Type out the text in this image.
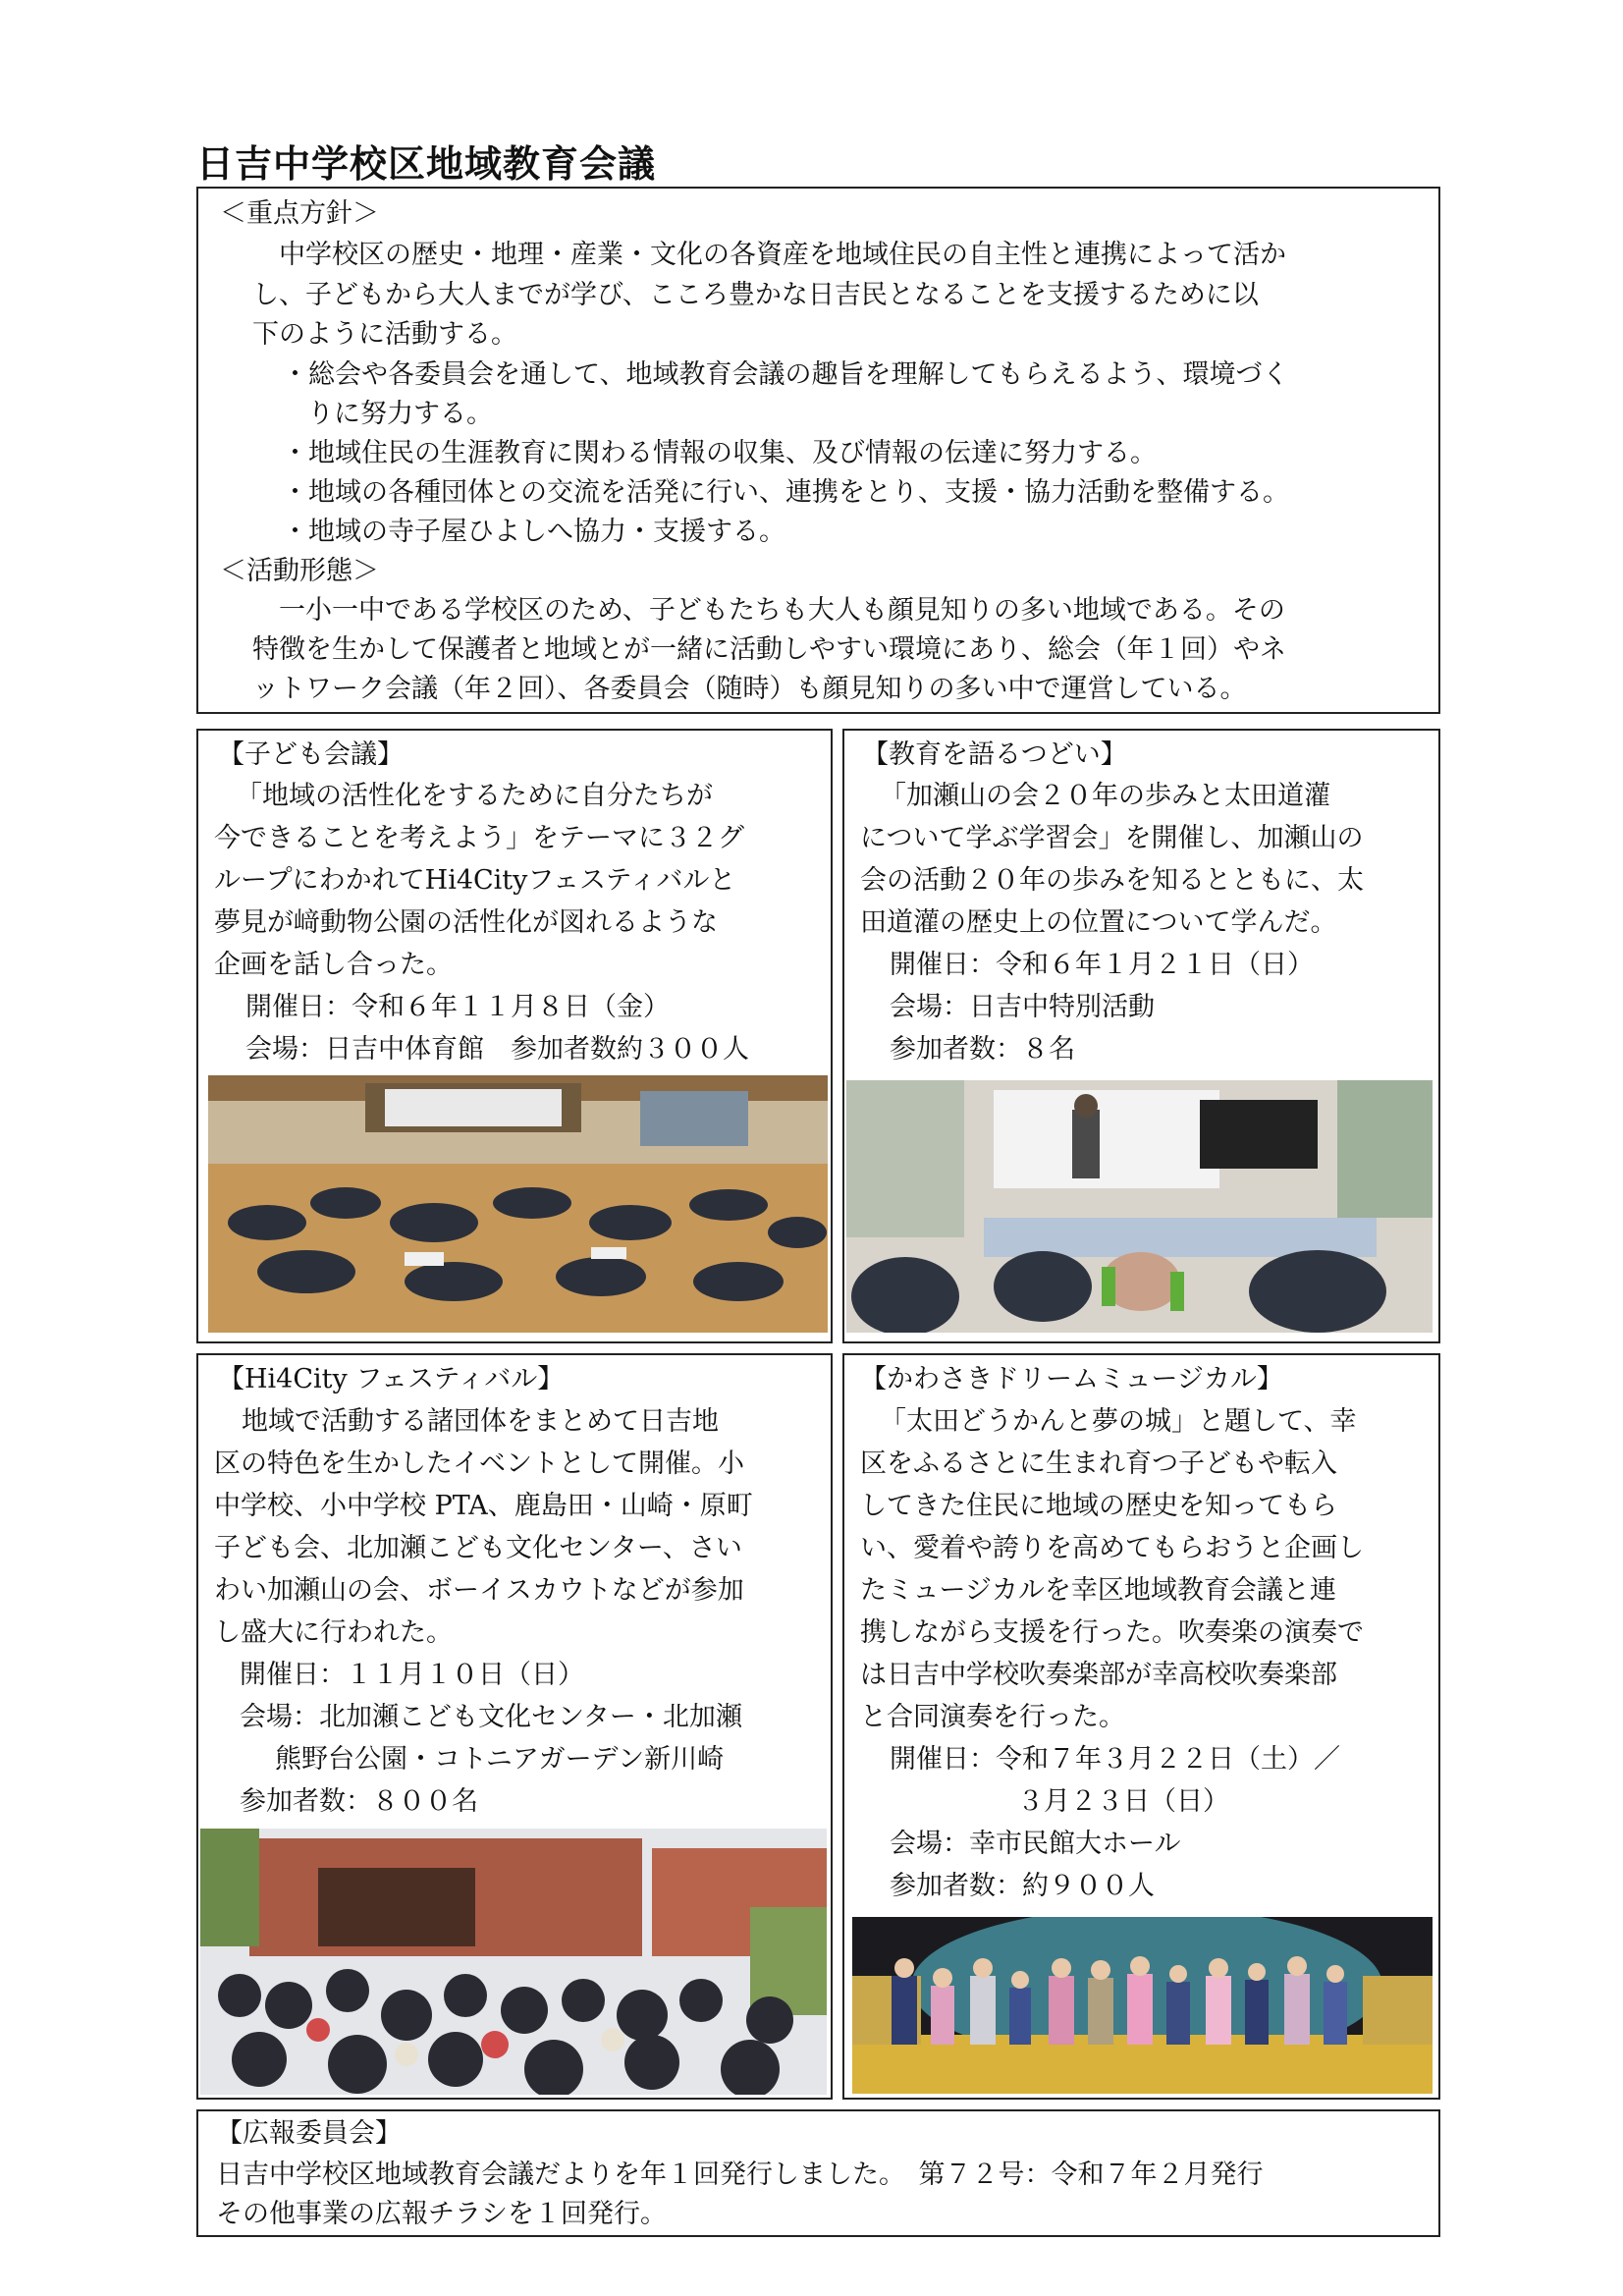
日吉中学校区地域教育会議
＜重点方針＞
中学校区の歴史・地理・産業・文化の各資産を地域住民の自主性と連携によって活か
し、子どもから大人までが学び、こころ豊かな日吉民となることを支援するために以
下のように活動する。
・総会や各委員会を通して、地域教育会議の趣旨を理解してもらえるよう、環境づく
りに努力する。
・地域住民の生涯教育に関わる情報の収集、及び情報の伝達に努力する。
・地域の各種団体との交流を活発に行い、連携をとり、支援・協力活動を整備する。
・地域の寺子屋ひよしへ協力・支援する。
＜活動形態＞
一小一中である学校区のため、子どもたちも大人も顔見知りの多い地域である。その
特徴を生かして保護者と地域とが一緒に活動しやすい環境にあり、総会（年１回）やネ
ットワーク会議（年２回）、各委員会（随時）も顔見知りの多い中で運営している。
【子ども会議】
「地域の活性化をするために自分たちが
今できることを考えよう」をテーマに３２グ
ループにわかれてHi4Cityフェスティバルと
夢見が﨑動物公園の活性化が図れるような
企画を話し合った。
開催日：令和６年１１月８日（金）
会場：日吉中体育館　参加者数約３００人
【教育を語るつどい】
「加瀬山の会２０年の歩みと太田道灌
について学ぶ学習会」を開催し、加瀬山の
会の活動２０年の歩みを知るとともに、太
田道灌の歴史上の位置について学んだ。
開催日：令和６年１月２１日（日）
会場：日吉中特別活動
参加者数：８名
【Hi4City フェスティバル】
地域で活動する諸団体をまとめて日吉地
区の特色を生かしたイベントとして開催。小
中学校、小中学校 PTA、鹿島田・山崎・原町
子ども会、北加瀬こども文化センター、さい
わい加瀬山の会、ボーイスカウトなどが参加
し盛大に行われた。
開催日：１１月１０日（日）
会場：北加瀬こども文化センター・北加瀬
熊野台公園・コトニアガーデン新川崎
参加者数：８００名
【かわさきドリームミュージカル】
「太田どうかんと夢の城」と題して、幸
区をふるさとに生まれ育つ子どもや転入
してきた住民に地域の歴史を知ってもら
い、愛着や誇りを高めてもらおうと企画し
たミュージカルを幸区地域教育会議と連
携しながら支援を行った。吹奏楽の演奏で
は日吉中学校吹奏楽部が幸高校吹奏楽部
と合同演奏を行った。
開催日：令和７年３月２２日（土）／
３月２３日（日）
会場：幸市民館大ホール
参加者数：約９００人
【広報委員会】
日吉中学校区地域教育会議だよりを年１回発行しました。　第７２号：令和７年２月発行
その他事業の広報チラシを１回発行。
